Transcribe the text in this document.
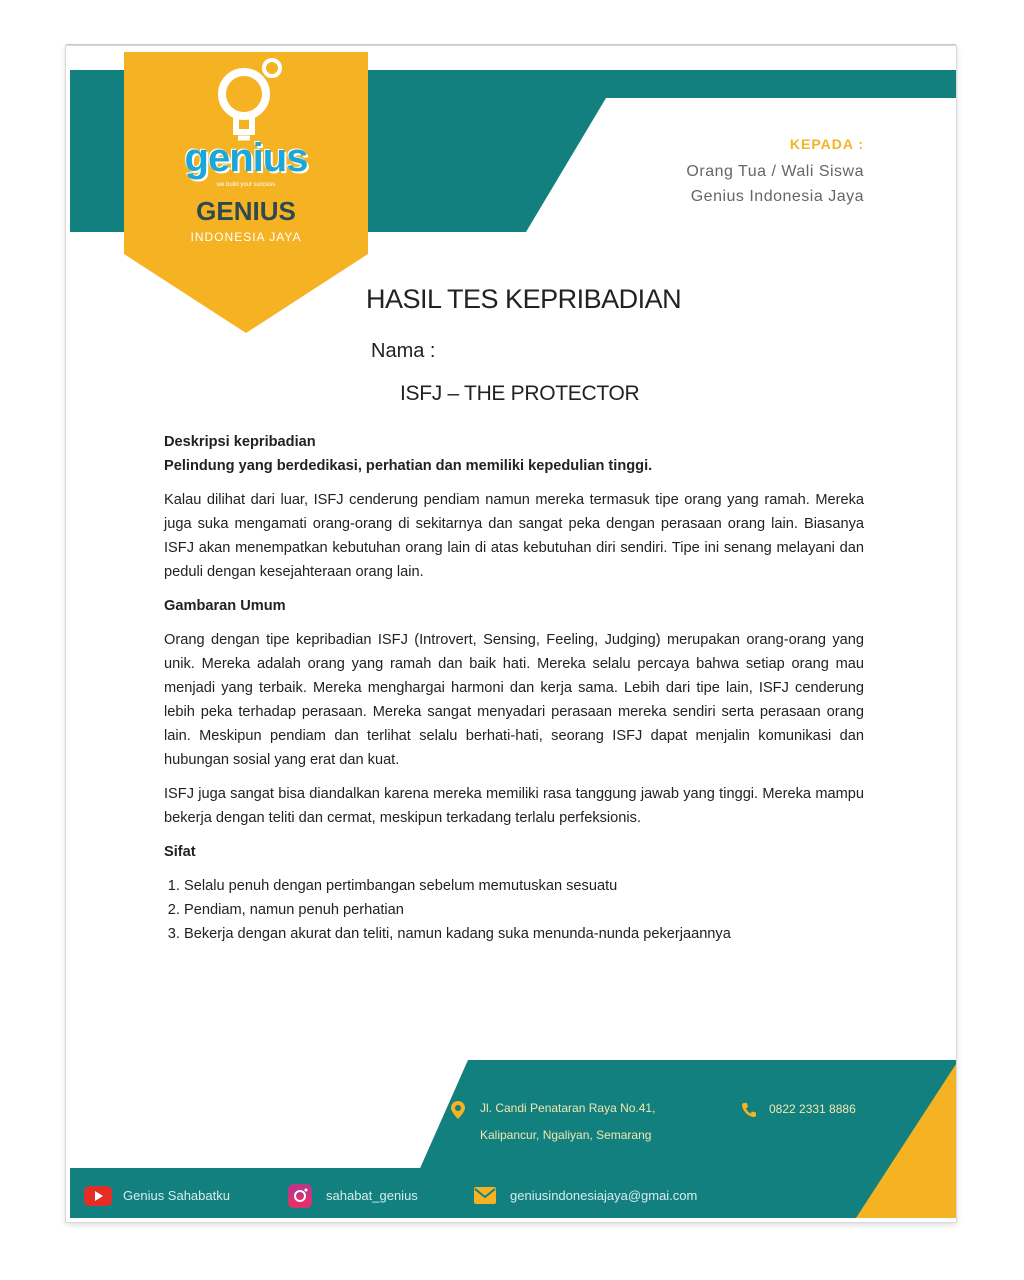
genius
we build your success
GENIUS
INDONESIA JAYA
KEPADA :
Orang Tua / Wali Siswa
Genius Indonesia Jaya
HASIL TES KEPRIBADIAN
Nama :
ISFJ – THE PROTECTOR
Deskripsi kepribadian
Pelindung yang berdedikasi, perhatian dan memiliki kepedulian tinggi.

Kalau dilihat dari luar, ISFJ cenderung pendiam namun mereka termasuk tipe orang yang ramah. Mereka juga suka mengamati orang-orang di sekitarnya dan sangat peka dengan perasaan orang lain. Biasanya ISFJ akan menempatkan kebutuhan orang lain di atas kebutuhan diri sendiri. Tipe ini senang melayani dan peduli dengan kesejahteraan orang lain.

Gambaran Umum

Orang dengan tipe kepribadian ISFJ (Introvert, Sensing, Feeling, Judging) merupakan orang-orang yang unik. Mereka adalah orang yang ramah dan baik hati. Mereka selalu percaya bahwa setiap orang mau menjadi yang terbaik. Mereka menghargai harmoni dan kerja sama. Lebih dari tipe lain, ISFJ cenderung lebih peka terhadap perasaan. Mereka sangat menyadari perasaan mereka sendiri serta perasaan orang lain. Meskipun pendiam dan terlihat selalu berhati-hati, seorang ISFJ dapat menjalin komunikasi dan hubungan sosial yang erat dan kuat.

ISFJ juga sangat bisa diandalkan karena mereka memiliki rasa tanggung jawab yang tinggi. Mereka mampu bekerja dengan teliti dan cermat, meskipun terkadang terlalu perfeksionis.

Sifat
1. Selalu penuh dengan pertimbangan sebelum memutuskan sesuatu
2. Pendiam, namun penuh perhatian
3. Bekerja dengan akurat dan teliti, namun kadang suka menunda-nunda pekerjaannya
Jl. Candi Penataran Raya No.41,
Kalipancur, Ngaliyan, Semarang
0822 2331 8886
Genius Sahabatku	sahabat_genius	geniusindonesiajaya@gmai.com
